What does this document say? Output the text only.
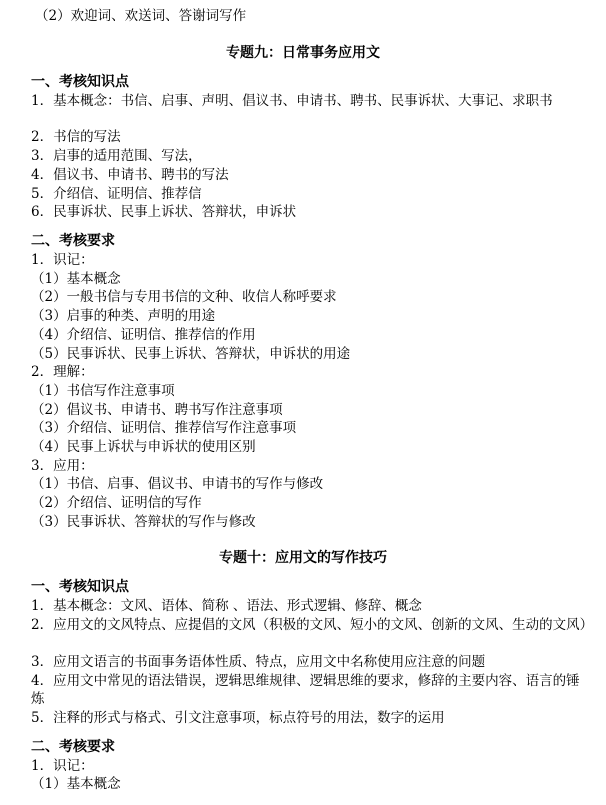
（2）欢迎词、欢送词、答谢词写作
专题九：日常事务应用文
一、考核知识点
1．基本概念：书信、启事、声明、倡议书、申请书、聘书、民事诉状、大事记、求职书
2．书信的写法
3．启事的适用范围、写法，
4．倡议书、申请书、聘书的写法
5．介绍信、证明信、推荐信
6．民事诉状、民事上诉状、答辩状，申诉状
二、考核要求
1．识记：
（1）基本概念
（2）一般书信与专用书信的文种、收信人称呼要求
（3）启事的种类、声明的用途
（4）介绍信、证明信、推荐信的作用
（5）民事诉状、民事上诉状、答辩状，申诉状的用途
2．理解：
（1）书信写作注意事项
（2）倡议书、申请书、聘书写作注意事项
（3）介绍信、证明信、推荐信写作注意事项
（4）民事上诉状与申诉状的使用区别
3．应用：
（1）书信、启事、倡议书、申请书的写作与修改
（2）介绍信、证明信的写作
（3）民事诉状、答辩状的写作与修改
专题十：应用文的写作技巧
一、考核知识点
1．基本概念：文风、语体、简称 、语法、形式逻辑、修辞、概念
2．应用文的文风特点、应提倡的文风（积极的文风、短小的文风、创新的文风、生动的文风）
3．应用文语言的书面事务语体性质、特点，应用文中名称使用应注意的问题
4．应用文中常见的语法错误，逻辑思维规律、逻辑思维的要求，修辞的主要内容、语言的锤炼
5．注释的形式与格式、引文注意事项，标点符号的用法，数字的运用
二、考核要求
1．识记：
（1）基本概念
